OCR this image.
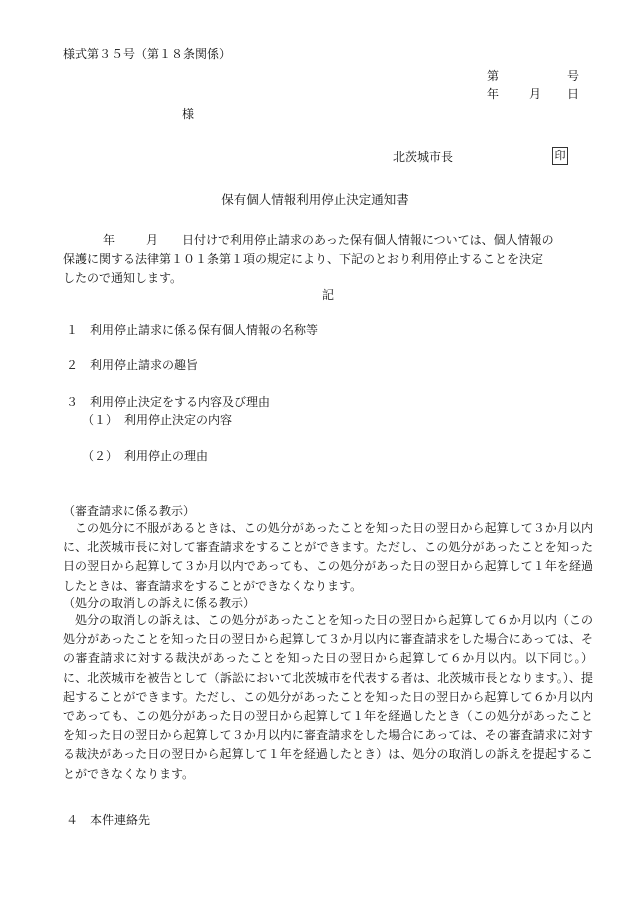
様式第３５号（第１８条関係）
第	号
年 月 日
様
北茨城市長	印
保有個人情報利用停止決定通知書
年	月 日付けで利用停止請求のあった保有個人情報については、個人情報の
保護に関する法律第１０１条第１項の規定により、下記のとおり利用停止することを決定
したので通知します。
記
１　利用停止請求に係る保有個人情報の名称等
２　利用停止請求の趣旨
３　利用停止決定をする内容及び理由
（１）　利用停止決定の内容
（２）　利用停止の理由
（審査請求に係る教示）
この処分に不服があるときは、この処分があったことを知った日の翌日から起算して３か月以内に、北茨城市長に対して審査請求をすることができます。ただし、この処分があったことを知った日の翌日から起算して３か月以内であっても、この処分があった日の翌日から起算して１年を経過したときは、審査請求をすることができなくなります。
（処分の取消しの訴えに係る教示）
処分の取消しの訴えは、この処分があったことを知った日の翌日から起算して６か月以内（この処分があったことを知った日の翌日から起算して３か月以内に審査請求をした場合にあっては、その審査請求に対する裁決があったことを知った日の翌日から起算して６か月以内。以下同じ。）に、北茨城市を被告として（訴訟において北茨城市を代表する者は、北茨城市長となります。）、提起することができます。ただし、この処分があったことを知った日の翌日から起算して６か月以内であっても、この処分があった日の翌日から起算して１年を経過したとき（この処分があったことを知った日の翌日から起算して３か月以内に審査請求をした場合にあっては、その審査請求に対する裁決があった日の翌日から起算して１年を経過したとき）は、処分の取消しの訴えを提起することができなくなります。
４　本件連絡先
